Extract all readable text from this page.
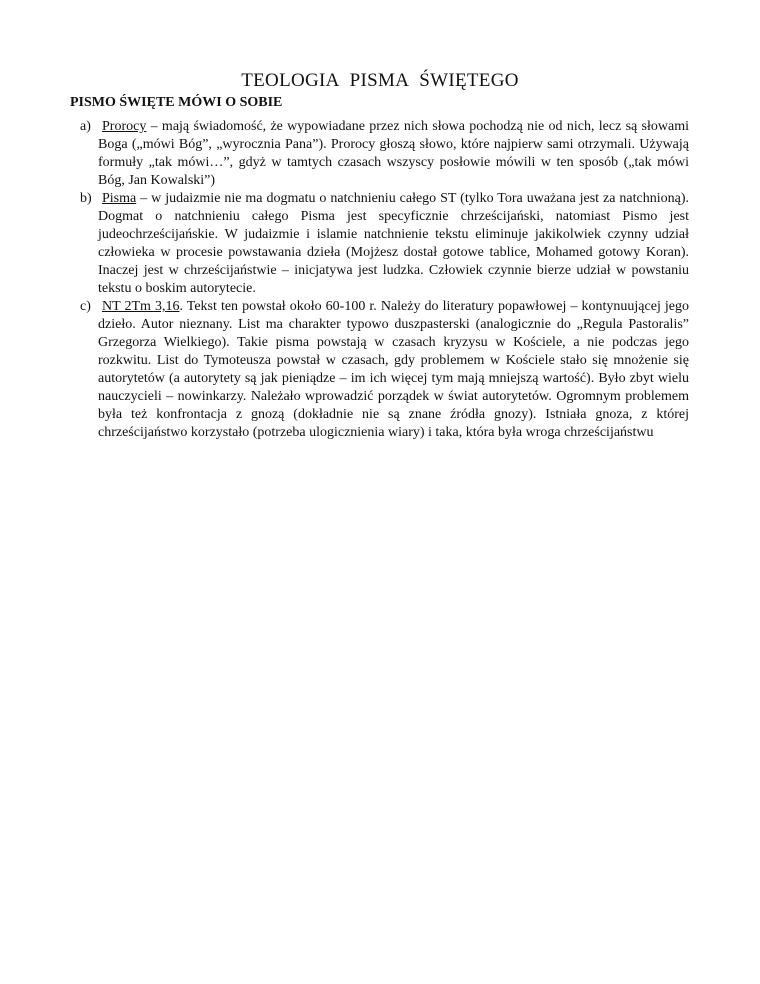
TEOLOGIA PISMA ŚWIĘTEGO
PISMO ŚWIĘTE MÓWI O SOBIE
a) Prorocy – mają świadomość, że wypowiadane przez nich słowa pochodzą nie od nich, lecz są słowami Boga („mówi Bóg”, „wyrocznia Pana”). Prorocy głoszą słowo, które najpierw sami otrzymali. Używają formuły „tak mówi…”, gdyż w tamtych czasach wszyscy posłowie mówili w ten sposób („tak mówi Bóg, Jan Kowalski”)
b) Pisma – w judaizmie nie ma dogmatu o natchnieniu całego ST (tylko Tora uważana jest za natchnioną). Dogmat o natchnieniu całego Pisma jest specyficznie chrześcijański, natomiast Pismo jest judeochrześcijańskie. W judaizmie i islamie natchnienie tekstu eliminuje jakikolwiek czynny udział człowieka w procesie powstawania dzieła (Mojżesz dostał gotowe tablice, Mohamed gotowy Koran). Inaczej jest w chrześcijaństwie – inicjatywa jest ludzka. Człowiek czynnie bierze udział w powstaniu tekstu o boskim autorytecie.
c) NT 2Tm 3,16. Tekst ten powstał około 60-100 r. Należy do literatury popawłowej – kontynuującej jego dzieło. Autor nieznany. List ma charakter typowo duszpasterski (analogicznie do „Regula Pastoralis” Grzegorza Wielkiego). Takie pisma powstają w czasach kryzysu w Kościele, a nie podczas jego rozkwitu. List do Tymoteusza powstał w czasach, gdy problemem w Kościele stało się mnożenie się autorytetów (a autorytety są jak pieniądze – im ich więcej tym mają mniejszą wartość). Było zbyt wielu nauczycieli – nowinkarzy. Należało wprowadzić porządek w świat autorytetów. Ogromnym problemem była też konfrontacja z gnozą (dokładnie nie są znane źródła gnozy). Istniała gnoza, z której chrześcijaństwo korzystało (potrzeba ulogicznienia wiary) i taka, która była wroga chrześcijaństwu
